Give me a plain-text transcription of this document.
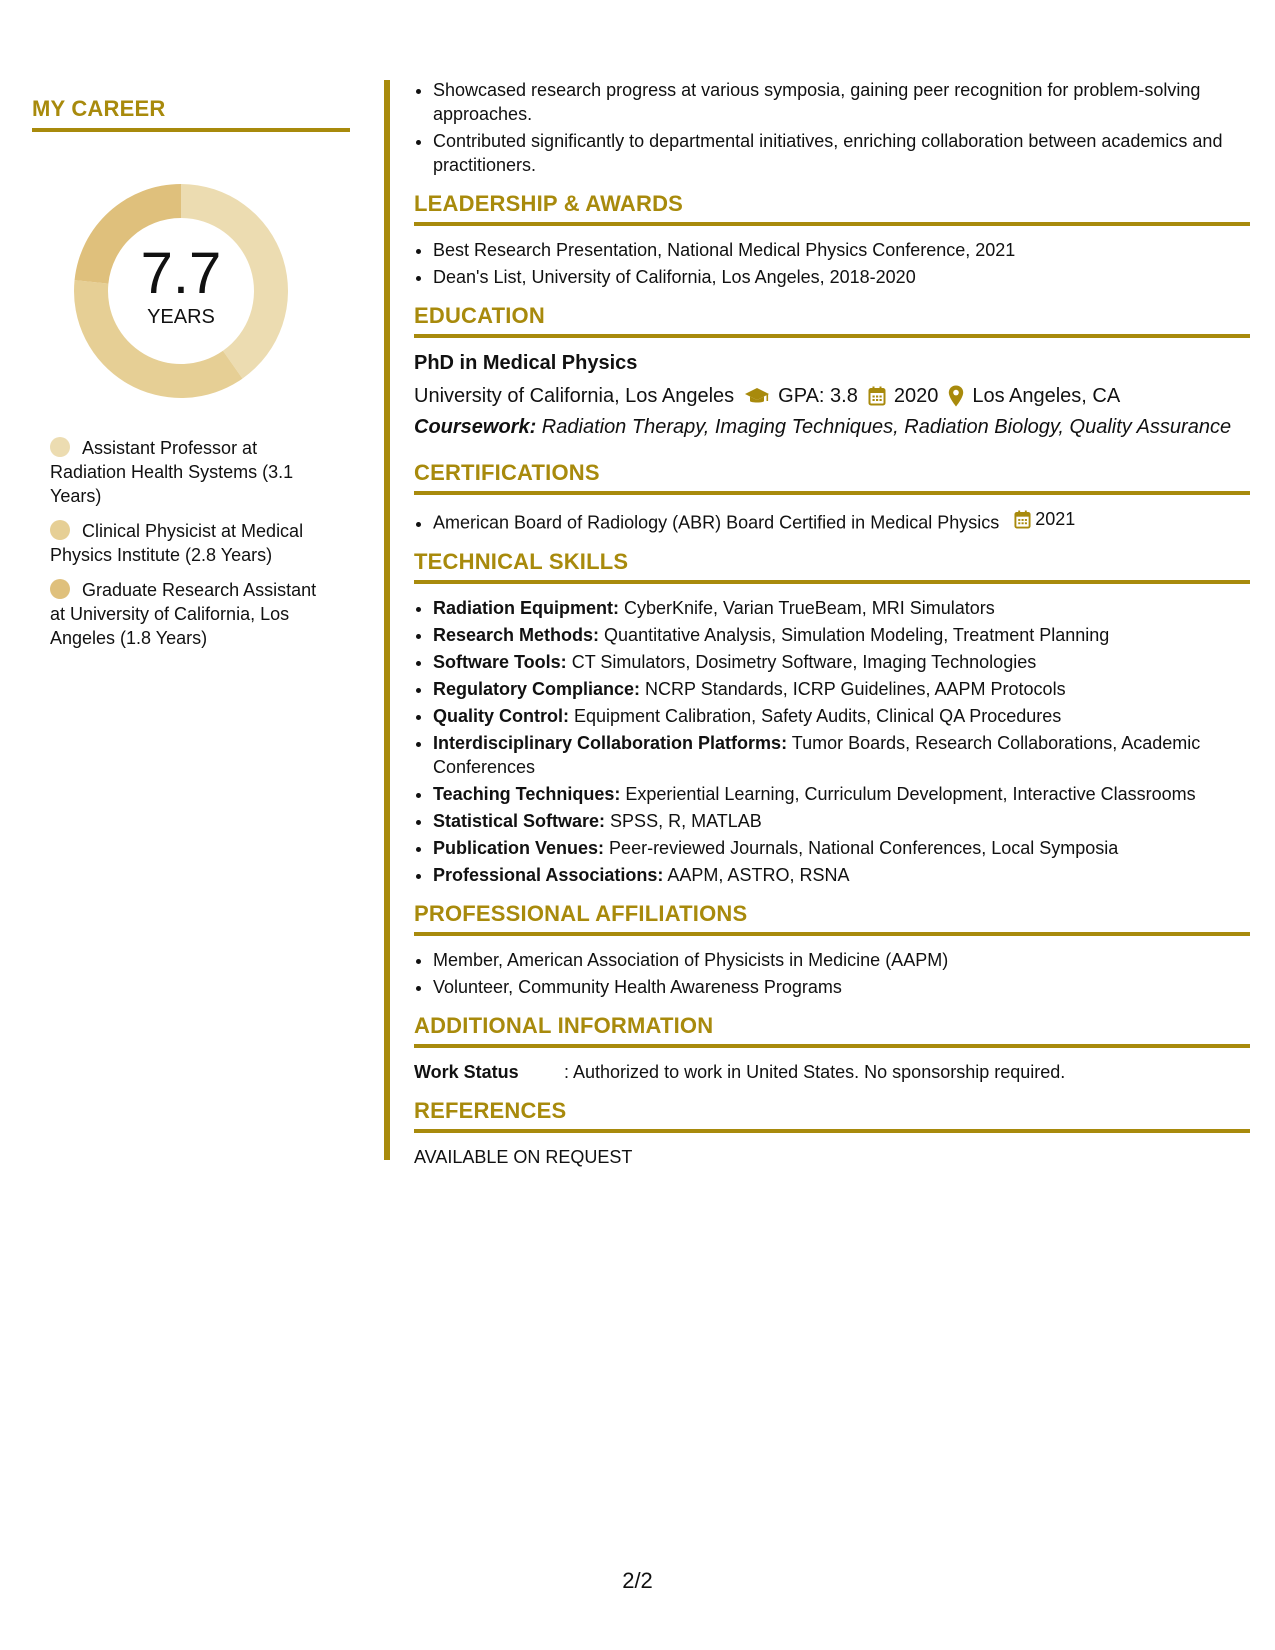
MY CAREER
7.7
YEARS
Assistant Professor at Radiation Health Systems (3.1 Years)
Clinical Physicist at Medical Physics Institute (2.8 Years)
Graduate Research Assistant at University of California, Los Angeles (1.8 Years)
• Showcased research progress at various symposia, gaining peer recognition for problem-solving approaches.
• Contributed significantly to departmental initiatives, enriching collaboration between academics and practitioners.
LEADERSHIP & AWARDS
• Best Research Presentation, National Medical Physics Conference, 2021
• Dean's List, University of California, Los Angeles, 2018-2020
EDUCATION
PhD in Medical Physics
University of California, Los Angeles GPA: 3.8 2020 Los Angeles, CA
Coursework: Radiation Therapy, Imaging Techniques, Radiation Biology, Quality Assurance
CERTIFICATIONS
• American Board of Radiology (ABR) Board Certified in Medical Physics 2021
TECHNICAL SKILLS
• Radiation Equipment: CyberKnife, Varian TrueBeam, MRI Simulators
• Research Methods: Quantitative Analysis, Simulation Modeling, Treatment Planning
• Software Tools: CT Simulators, Dosimetry Software, Imaging Technologies
• Regulatory Compliance: NCRP Standards, ICRP Guidelines, AAPM Protocols
• Quality Control: Equipment Calibration, Safety Audits, Clinical QA Procedures
• Interdisciplinary Collaboration Platforms: Tumor Boards, Research Collaborations, Academic Conferences
• Teaching Techniques: Experiential Learning, Curriculum Development, Interactive Classrooms
• Statistical Software: SPSS, R, MATLAB
• Publication Venues: Peer-reviewed Journals, National Conferences, Local Symposia
• Professional Associations: AAPM, ASTRO, RSNA
PROFESSIONAL AFFILIATIONS
• Member, American Association of Physicists in Medicine (AAPM)
• Volunteer, Community Health Awareness Programs
ADDITIONAL INFORMATION
Work Status	: Authorized to work in United States. No sponsorship required.
REFERENCES
AVAILABLE ON REQUEST
2/2
